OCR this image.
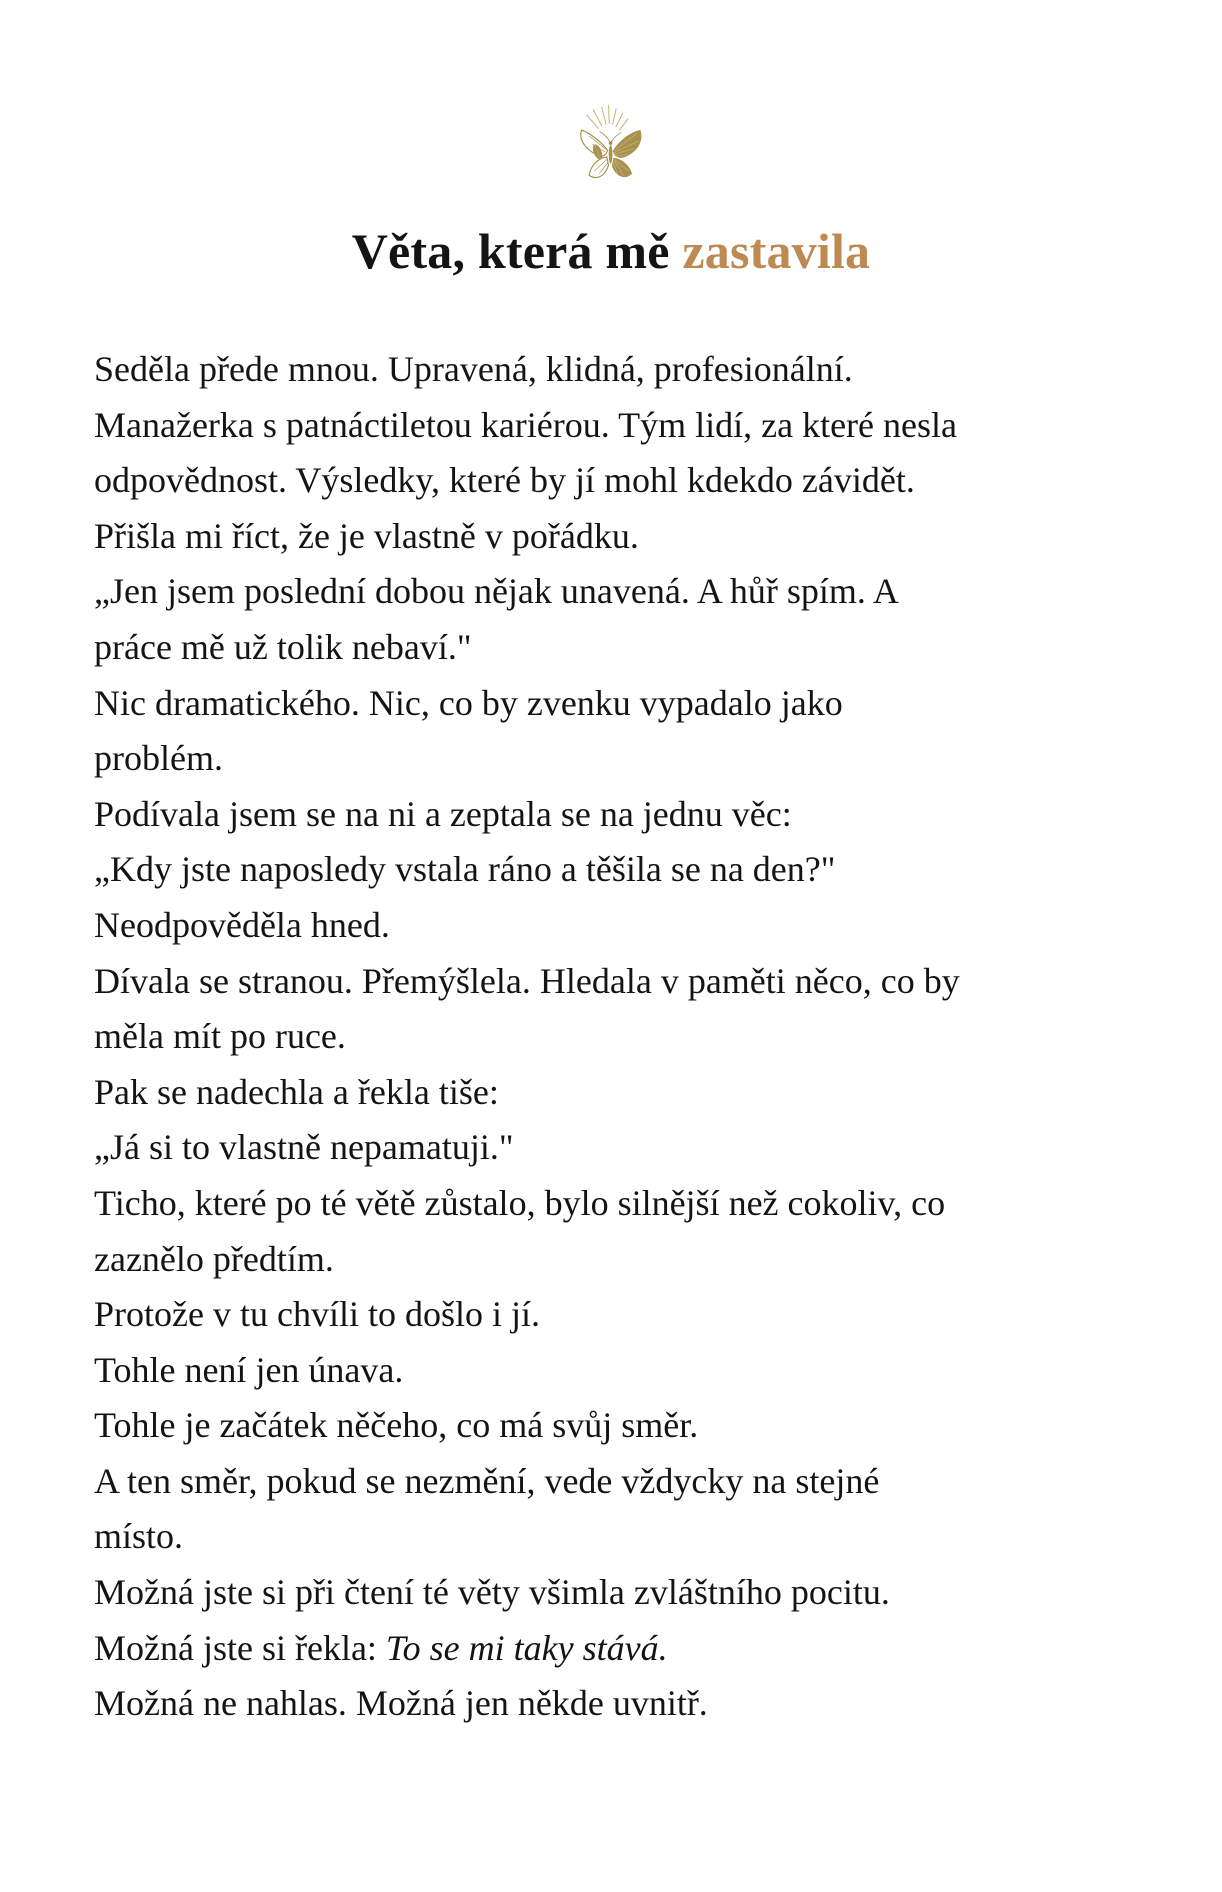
Věta, která mě zastavila
Seděla přede mnou. Upravená, klidná, profesionální.
Manažerka s patnáctiletou kariérou. Tým lidí, za které nesla
odpovědnost. Výsledky, které by jí mohl kdekdo závidět.
Přišla mi říct, že je vlastně v pořádku.
„Jen jsem poslední dobou nějak unavená. A hůř spím. A
práce mě už tolik nebaví."
Nic dramatického. Nic, co by zvenku vypadalo jako
problém.
Podívala jsem se na ni a zeptala se na jednu věc:
„Kdy jste naposledy vstala ráno a těšila se na den?"
Neodpověděla hned.
Dívala se stranou. Přemýšlela. Hledala v paměti něco, co by
měla mít po ruce.
Pak se nadechla a řekla tiše:
„Já si to vlastně nepamatuji."
Ticho, které po té větě zůstalo, bylo silnější než cokoliv, co
zaznělo předtím.
Protože v tu chvíli to došlo i jí.
Tohle není jen únava.
Tohle je začátek něčeho, co má svůj směr.
A ten směr, pokud se nezmění, vede vždycky na stejné
místo.
Možná jste si při čtení té věty všimla zvláštního pocitu.
Možná jste si řekla: To se mi taky stává.
Možná ne nahlas. Možná jen někde uvnitř.
